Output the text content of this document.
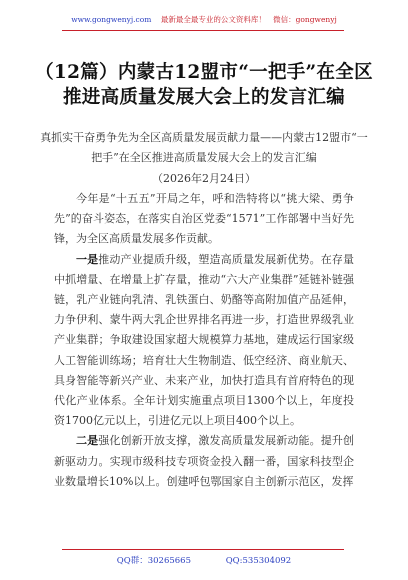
www.gongwenyj.com 最新最全最专业的公文资料库！ 微信：gongwenyj
（12篇）内蒙古12盟市“一把手”在全区推进高质量发展大会上的发言汇编
真抓实干奋勇争先为全区高质量发展贡献力量——内蒙古12盟市“一把手”在全区推进高质量发展大会上的发言汇编
（2026年2月24日）

今年是“十五五”开局之年，呼和浩特将以“挑大梁、勇争先”的奋斗姿态，在落实自治区党委“1571”工作部署中当好先锋，为全区高质量发展多作贡献。

一是推动产业提质升级，塑造高质量发展新优势。在存量中抓增量、在增量上扩存量，推动“六大产业集群”延链补链强链，乳产业链向乳清、乳铁蛋白、奶酪等高附加值产品延伸，力争伊利、蒙牛两大乳企世界排名再进一步，打造世界级乳业产业集群；争取建设国家超大规模算力基地，建成运行国家级人工智能训练场；培育壮大生物制造、低空经济、商业航天、具身智能等新兴产业、未来产业，加快打造具有首府特色的现代化产业体系。全年计划实施重点项目1300个以上，年度投资1700亿元以上，引进亿元以上项目400个以上。

二是强化创新开放支撑，激发高质量发展新动能。提升创新驱动力。实现市级科技专项资金投入翻一番，国家科技型企业数量增长10%以上。创建呼包鄂国家自主创新示范区，发挥

QQ群：30265665	QQ:535304092
